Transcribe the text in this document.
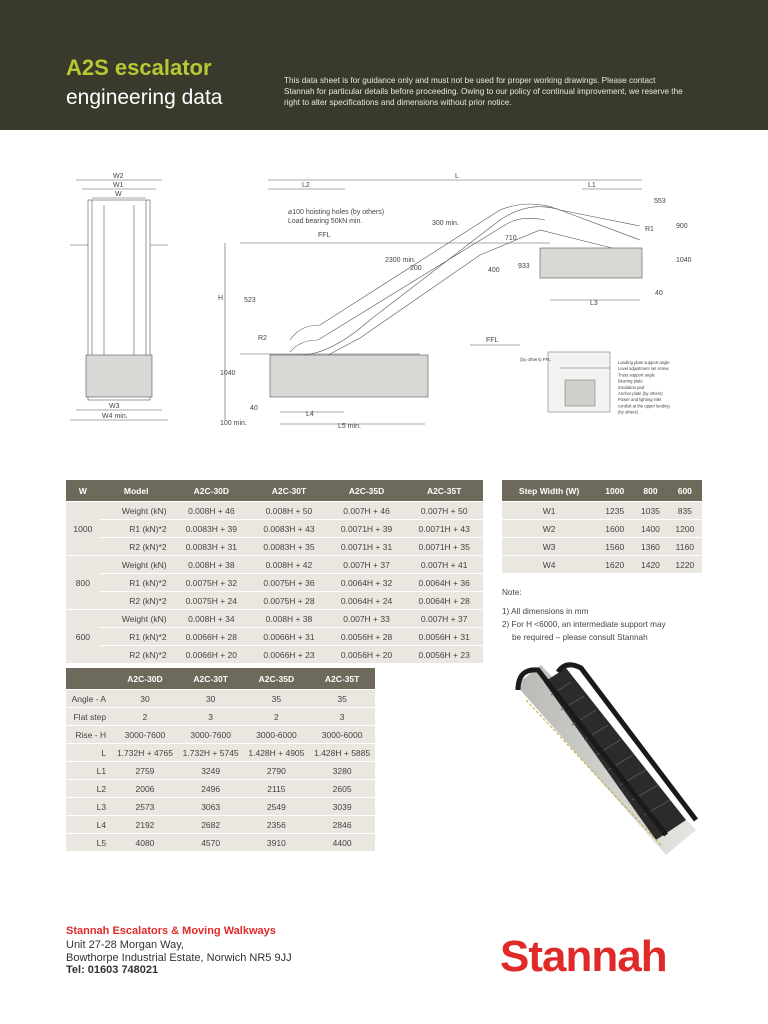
A2S escalator
engineering data
This data sheet is for guidance only and must not be used for proper working drawings. Please contact Stannah for particular details before proceeding. Owing to our policy of continual improvement, we reserve the right to alter specifications and dimensions without prior notice.
W2
W1
W
W3
W4 min.
L
L2	L1
⌀100 hoisting holes (by others)
Load bearing 50kN min.
FFL
FFL
553
R1	900
1040
40
L3
300 min.
200
2300 min.
400
710
933
H	523
R2
1040
40
100 min.
L4
L5 min.
(by others) FFL
Landing plate support angle
Level adjustment set screw
Truss support angle
Bearing plate
Insulation pad
Anchor plate (by others)
Power and lighting inlet
conduit at the upper landing
(by others)
W	Model	A2C-30D	A2C-30T	A2C-35D	A2C-35T
1000	Weight (kN)	0.008H + 46	0.008H + 50	0.007H + 46	0.007H + 50
	R1 (kN)*2	0.0083H + 39	0.0083H + 43	0.0071H + 39	0.0071H + 43
	R2 (kN)*2	0.0083H + 31	0.0083H + 35	0.0071H + 31	0.0071H + 35
800	Weight (kN)	0.008H + 38	0.008H + 42	0.007H + 37	0.007H + 41
	R1 (kN)*2	0.0075H + 32	0.0075H + 36	0.0064H + 32	0.0064H + 36
	R2 (kN)*2	0.0075H + 24	0.0075H + 28	0.0064H + 24	0.0064H + 28
600	Weight (kN)	0.008H + 34	0.008H + 38	0.007H + 33	0.007H + 37
	R1 (kN)*2	0.0066H + 28	0.0066H + 31	0.0056H + 28	0.0056H + 31
	R2 (kN)*2	0.0066H + 20	0.0066H + 23	0.0056H + 20	0.0056H + 23
Step Width (W)	1000	800	600
W1	1235	1035	835
W2	1600	1400	1200
W3	1560	1360	1160
W4	1620	1420	1220

Note:

1) All dimensions in mm

2) For H <6000, an intermediate support may

be required – please consult Stannah

	A2C-30D	A2C-30T	A2C-35D	A2C-35T
Angle - A	30	30	35	35
Flat step	2	3	2	3
Rise - H	3000-7600	3000-7600	3000-6000	3000-6000
L	1.732H + 4765	1.732H + 5745	1.428H + 4905	1.428H + 5885
L1	2759	3249	2790	3280
L2	2006	2496	2115	2605
L3	2573	3063	2549	3039
L4	2192	2682	2356	2846
L5	4080	4570	3910	4400
Stannah Escalators & Moving Walkways
Unit 27-28 Morgan Way,
Bowthorpe Industrial Estate, Norwich NR5 9JJ
Tel: 01603 748021	Stannah
